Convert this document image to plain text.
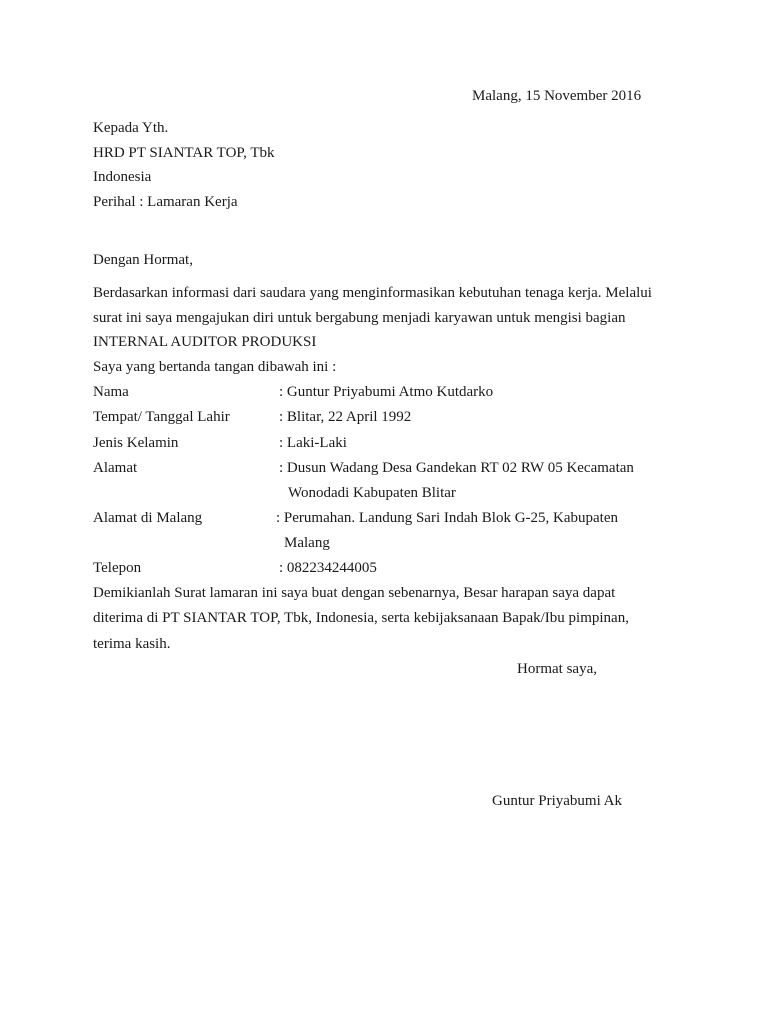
Malang, 15 November 2016
Kepada Yth.
HRD PT SIANTAR TOP, Tbk
Indonesia
Perihal : Lamaran Kerja
Dengan Hormat,
Berdasarkan informasi dari saudara yang menginformasikan kebutuhan tenaga kerja. Melalui
surat ini saya mengajukan diri untuk bergabung menjadi karyawan untuk mengisi bagian
INTERNAL AUDITOR PRODUKSI
Saya yang bertanda tangan dibawah ini :
Nama	: Guntur Priyabumi Atmo Kutdarko
Tempat/ Tanggal Lahir	: Blitar, 22 April 1992
Jenis Kelamin	: Laki-Laki
Alamat	: Dusun Wadang Desa Gandekan RT 02 RW 05 Kecamatan
Wonodadi Kabupaten Blitar
Alamat di Malang	: Perumahan. Landung Sari Indah Blok G-25, Kabupaten
Malang
Telepon	: 082234244005
Demikianlah Surat lamaran ini saya buat dengan sebenarnya, Besar harapan saya dapat
diterima di PT SIANTAR TOP, Tbk, Indonesia, serta kebijaksanaan Bapak/Ibu pimpinan,
terima kasih.
Hormat saya,
Guntur Priyabumi Ak
